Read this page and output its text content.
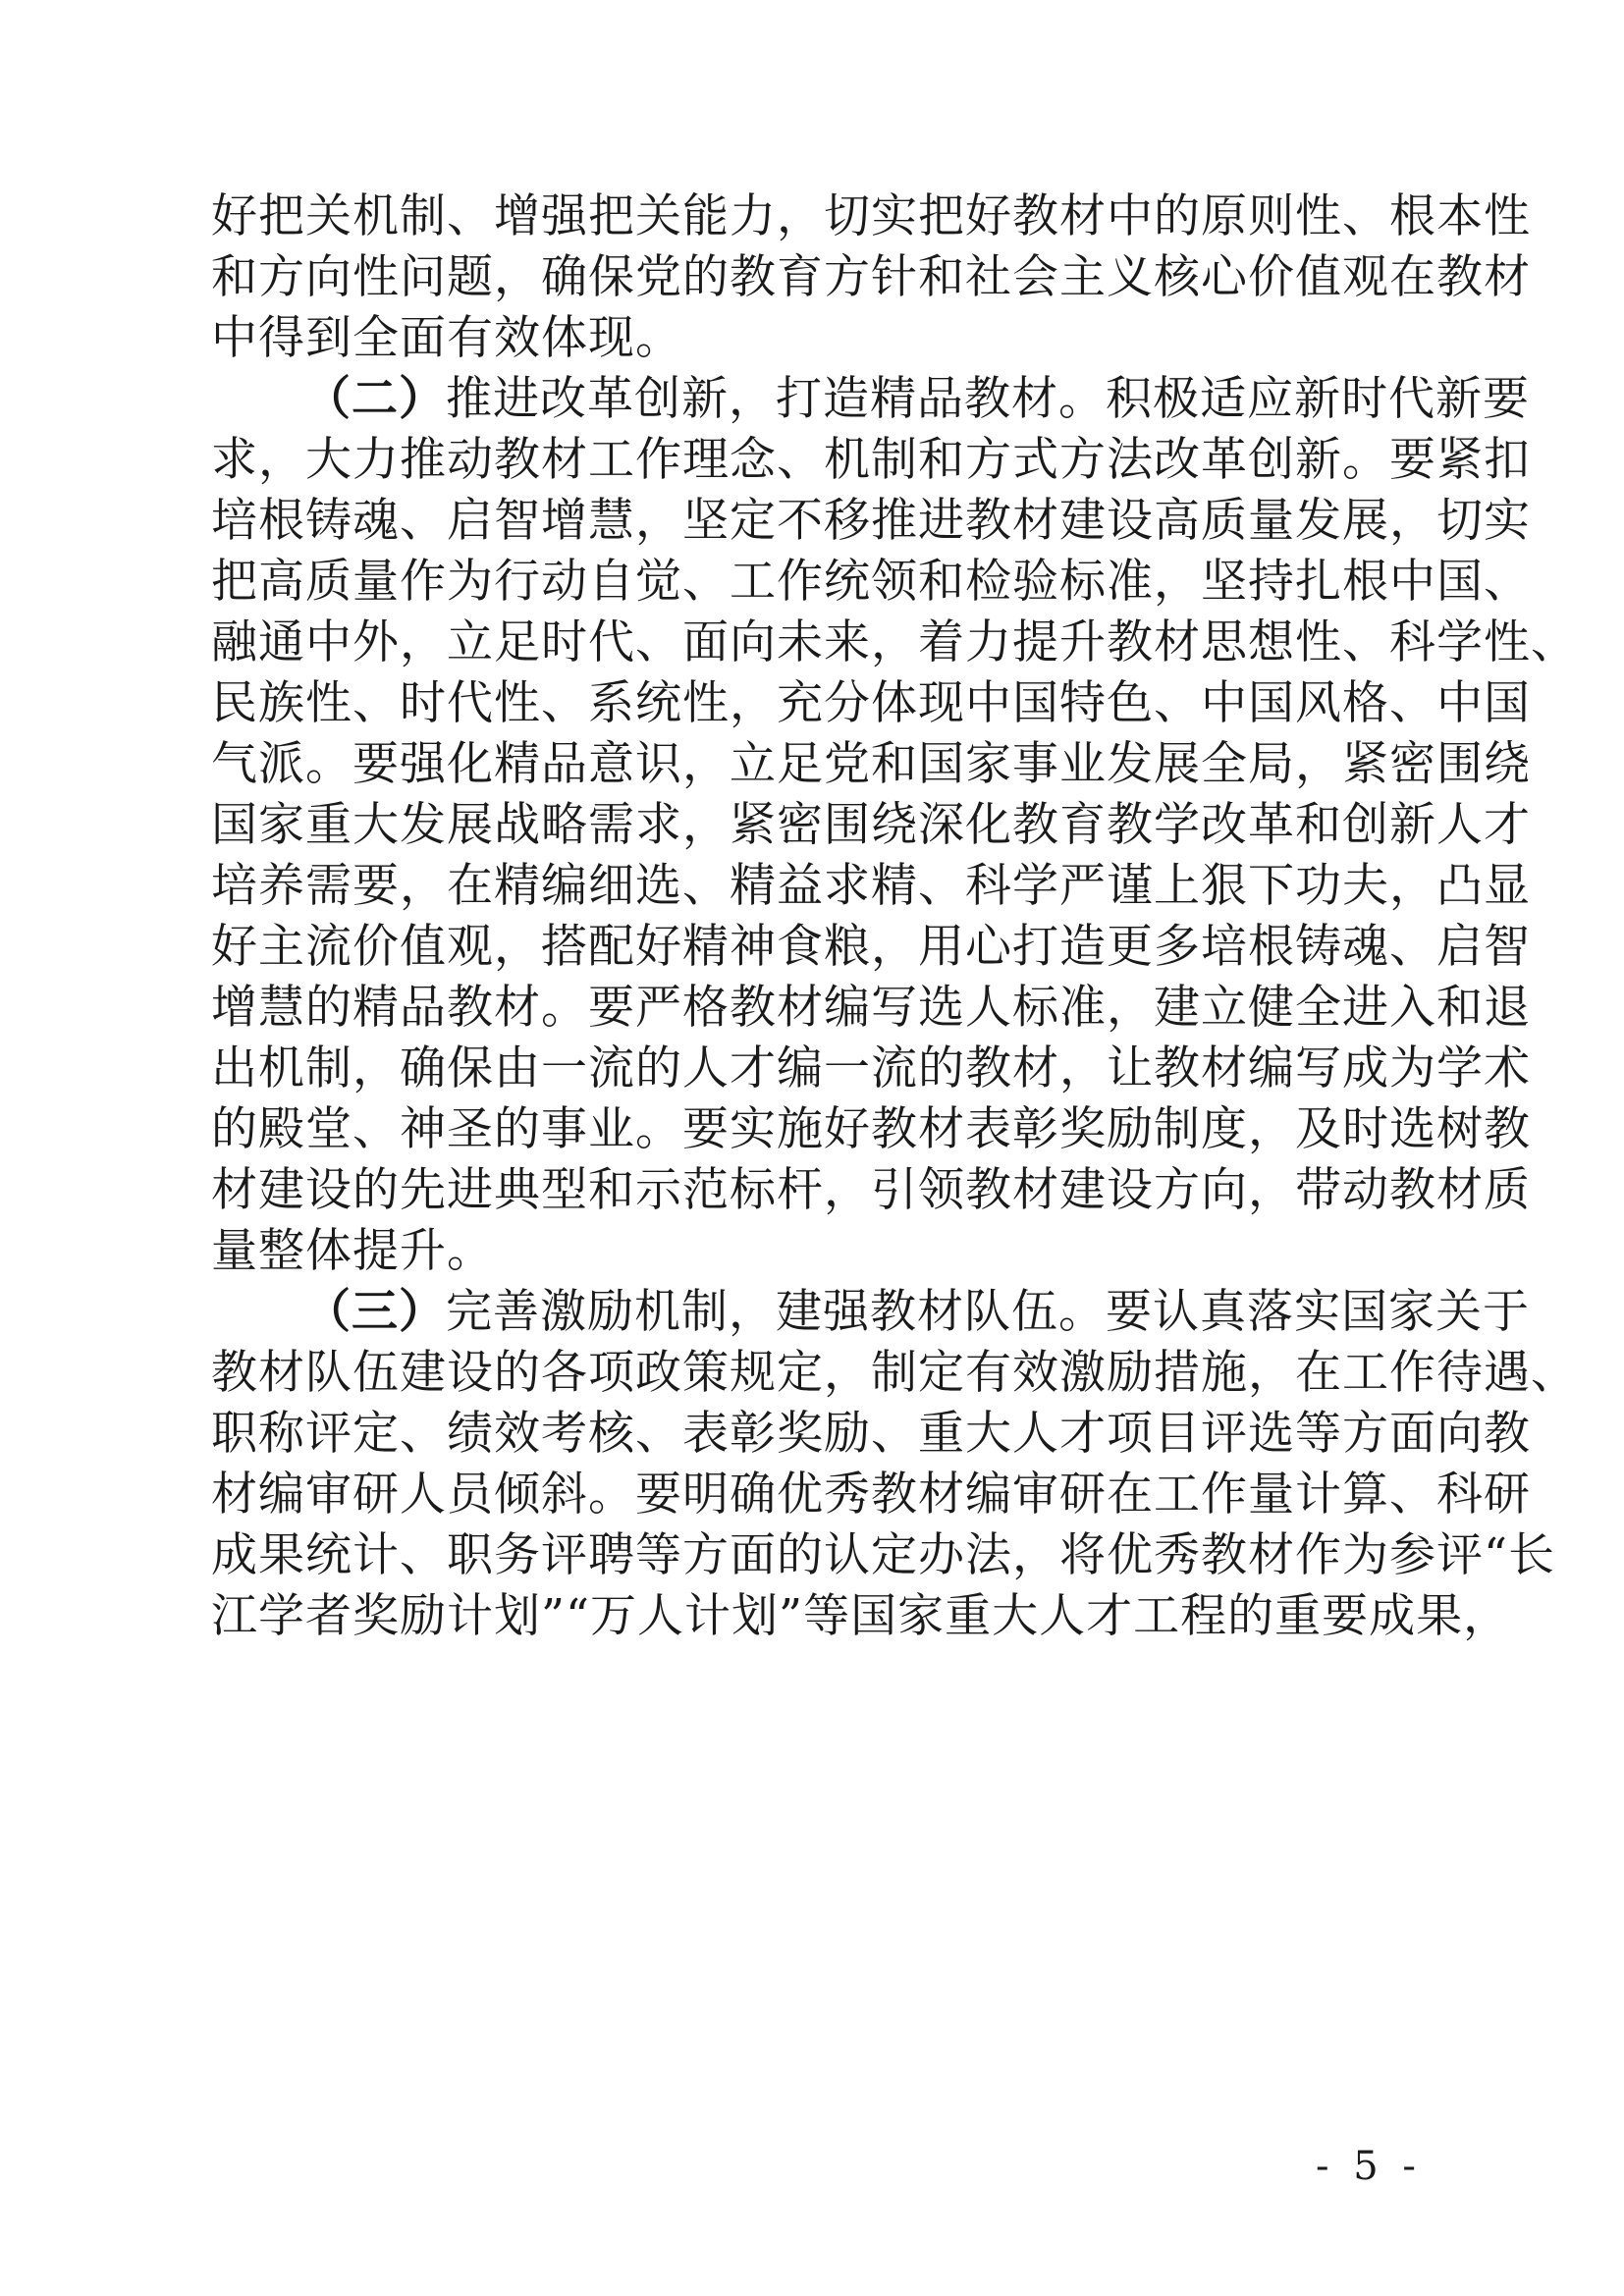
好把关机制、增强把关能力，切实把好教材中的原则性、根本性
和方向性问题，确保党的教育方针和社会主义核心价值观在教材
中得到全面有效体现。
（二）推进改革创新，打造精品教材。积极适应新时代新要
求，大力推动教材工作理念、机制和方式方法改革创新。要紧扣
培根铸魂、启智增慧，坚定不移推进教材建设高质量发展，切实
把高质量作为行动自觉、工作统领和检验标准，坚持扎根中国、
融通中外，立足时代、面向未来，着力提升教材思想性、科学性、
民族性、时代性、系统性，充分体现中国特色、中国风格、中国
气派。要强化精品意识，立足党和国家事业发展全局，紧密围绕
国家重大发展战略需求，紧密围绕深化教育教学改革和创新人才
培养需要，在精编细选、精益求精、科学严谨上狠下功夫，凸显
好主流价值观，搭配好精神食粮，用心打造更多培根铸魂、启智
增慧的精品教材。要严格教材编写选人标准，建立健全进入和退
出机制，确保由一流的人才编一流的教材，让教材编写成为学术
的殿堂、神圣的事业。要实施好教材表彰奖励制度，及时选树教
材建设的先进典型和示范标杆，引领教材建设方向，带动教材质
量整体提升。
（三）完善激励机制，建强教材队伍。要认真落实国家关于
教材队伍建设的各项政策规定，制定有效激励措施，在工作待遇、
职称评定、绩效考核、表彰奖励、重大人才项目评选等方面向教
材编审研人员倾斜。要明确优秀教材编审研在工作量计算、科研
成果统计、职务评聘等方面的认定办法，将优秀教材作为参评“长
江学者奖励计划”“万人计划”等国家重大人才工程的重要成果，
- 5 -
